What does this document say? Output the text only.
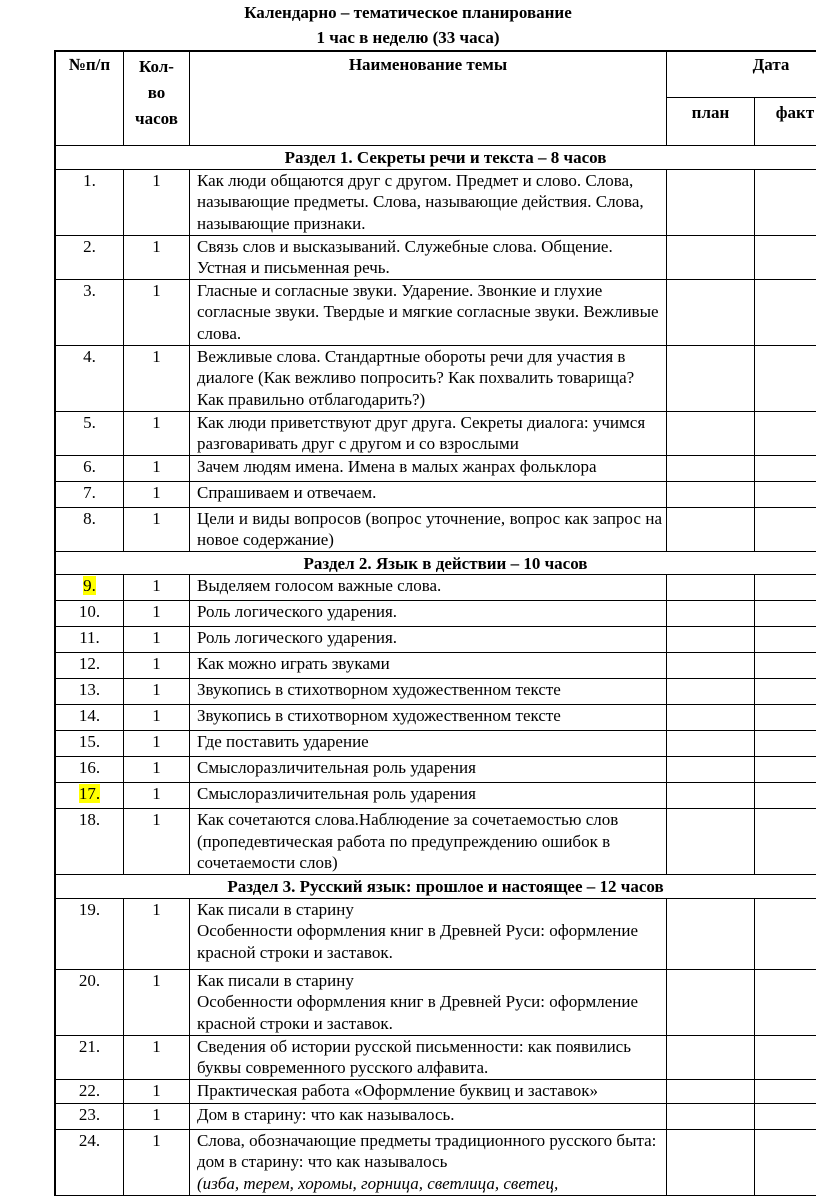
Календарно – тематическое планирование
1 час в неделю (33 часа)
№п/п	Кол-
во
часов	Наименование темы	Дата	
			план	факт
Раздел 1. Секреты речи и текста – 8 часов				
1.	1	Как люди общаются друг с другом. Предмет и слово. Слова, называющие предметы. Слова, называющие действия. Слова, называющие признаки.		
2.	1	Связь слов и высказываний. Служебные слова. Общение. Устная и письменная речь.		
3.	1	Гласные и согласные звуки. Ударение. Звонкие и глухие согласные звуки. Твердые и мягкие согласные звуки. Вежливые слова.		
4.	1	Вежливые слова. Стандартные обороты речи для участия в диалоге (Как вежливо попросить? Как похвалить товарища? Как правильно отблагодарить?)		
5.	1	Как люди приветствуют друг друга. Секреты диалога: учимся разговаривать друг с другом и со взрослыми		
6.	1	Зачем людям имена. Имена в малых жанрах фольклора		
7.	1	Спрашиваем и отвечаем.		
8.	1	Цели и виды вопросов (вопрос уточнение, вопрос как запрос на новое содержание)		
Раздел 2. Язык в действии – 10 часов				
9.	1	Выделяем голосом важные слова.		
10.	1	Роль логического ударения.		
11.	1	Роль логического ударения.		
12.	1	Как можно играть звуками		
13.	1	Звукопись в стихотворном художественном тексте		
14.	1	Звукопись в стихотворном художественном тексте		
15.	1	Где поставить ударение		
16.	1	Смыслоразличительная роль ударения		
17.	1	Смыслоразличительная роль ударения		
18.	1	Как сочетаются слова.Наблюдение за сочетаемостью слов (пропедевтическая работа по предупреждению ошибок в сочетаемости слов)		
Раздел 3. Русский язык: прошлое и настоящее – 12 часов				
19.	1	Как писали в старину
Особенности оформления книг в Древней Руси: оформление красной строки и заставок.		

20.	1	Как писали в старину
Особенности оформления книг в Древней Руси: оформление красной строки и заставок.		

21.	1	Сведения об истории русской письменности: как появились буквы современного русского алфавита.		
22.	1	Практическая работа «Оформление буквиц и заставок»		
23.	1	Дом в старину: что как называлось.		
24.	1	Слова, обозначающие предметы традиционного русского быта: дом в старину: что как называлось
(изба, терем, хоромы, горница, светлица, светец,		
